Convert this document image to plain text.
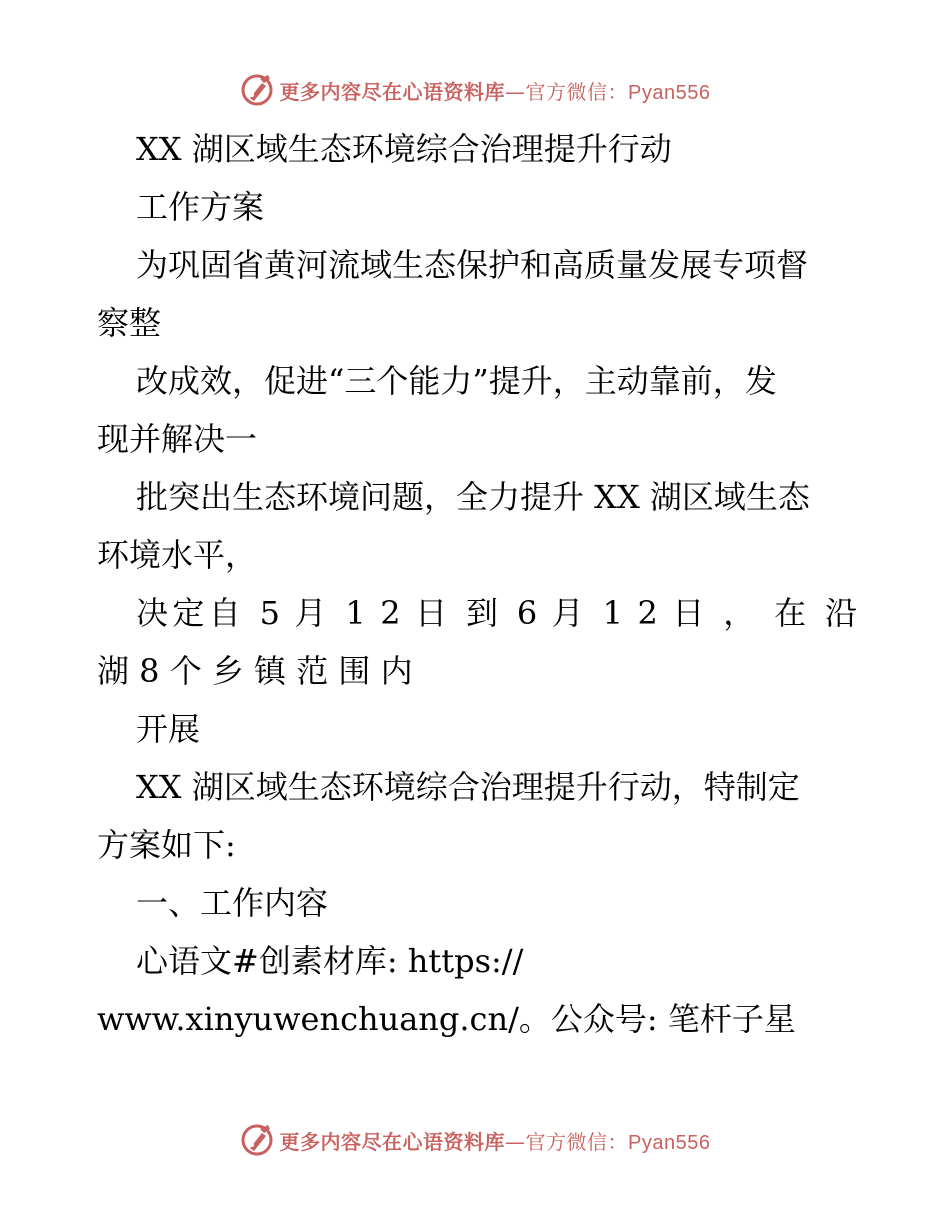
更多内容尽在心语资料库—官方微信：Pyan556
XX 湖区域生态环境综合治理提升行动
工作方案
为巩固省黄河流域生态保护和高质量发展专项督
察整
改成效，促进“三个能力”提升，主动靠前，发
现并解决一
批突出生态环境问题，全力提升 XX 湖区域生态
环境水平，
决定自 5 月 1 2 日 到 6 月 1 2 日 ， 在 沿
湖 8 个 乡 镇 范 围 内
开展
XX 湖区域生态环境综合治理提升行动，特制定
方案如下:
一、工作内容
心语文#创素材库: https://
www.xinyuwenchuang.cn/。公众号: 笔杆子星
更多内容尽在心语资料库—官方微信：Pyan556
